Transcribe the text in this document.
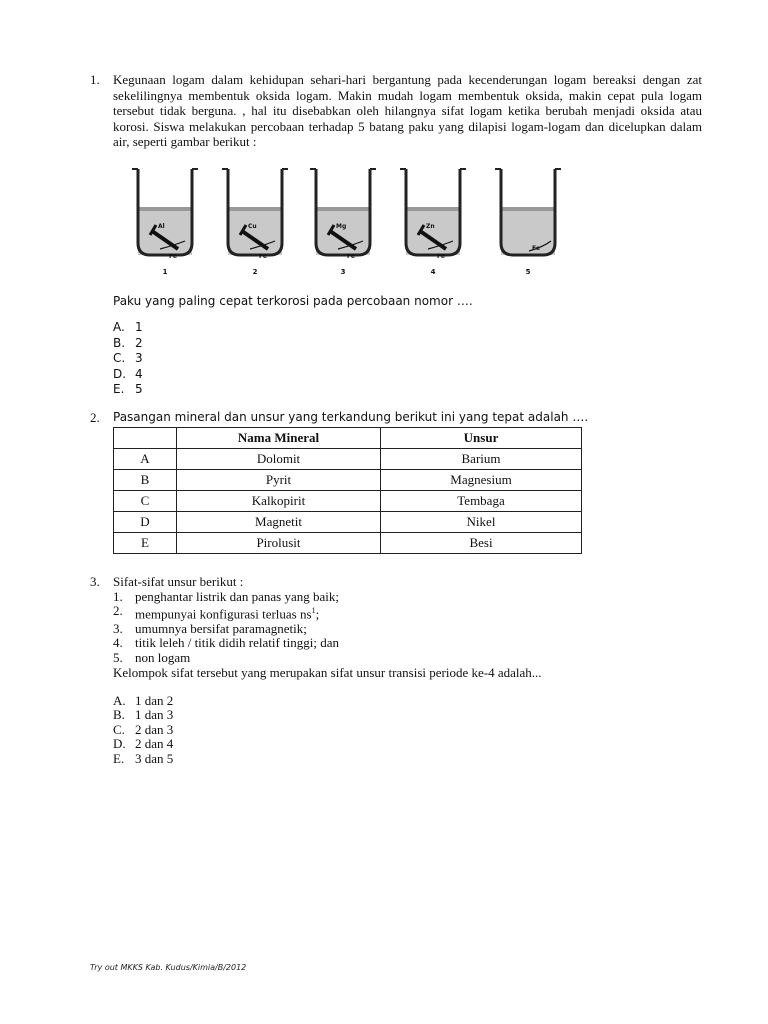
1. Kegunaan logam dalam kehidupan sehari-hari bergantung pada kecenderungan logam bereaksi dengan zat sekelilingnya membentuk oksida logam. Makin mudah logam membentuk oksida, makin cepat pula logam tersebut tidak berguna. , hal itu disebabkan oleh hilangnya sifat logam ketika berubah menjadi oksida atau korosi. Siswa melakukan percobaan terhadap 5 batang paku yang dilapisi logam-logam dan dicelupkan dalam air, seperti gambar berikut :
Al
Fe
1
Cu
Fe
2
Mg
Fe
3
Zn
Fe
4
Fe
5
Paku yang paling cepat terkorosi pada percobaan nomor ….
A. 1
B. 2
C. 3
D. 4
E. 5
2. Pasangan mineral dan unsur yang terkandung berikut ini yang tepat adalah ….
	Nama Mineral	Unsur
A	Dolomit	Barium
B	Pyrit	Magnesium
C	Kalkopirit	Tembaga
D	Magnetit	Nikel
E	Pirolusit	Besi
3. Sifat-sifat unsur berikut :
1. penghantar listrik dan panas yang baik;
2. mempunyai konfigurasi terluas $ns^1$;
3. umumnya bersifat paramagnetik;
4. titik leleh / titik didih relatif tinggi; dan
5. non logam
Kelompok sifat tersebut yang merupakan sifat unsur transisi periode ke-4 adalah...
A. 1 dan 2
B. 1 dan 3
C. 2 dan 3
D. 2 dan 4
E. 3 dan 5
Try out MKKS Kab. Kudus/Kimia/B/2012
